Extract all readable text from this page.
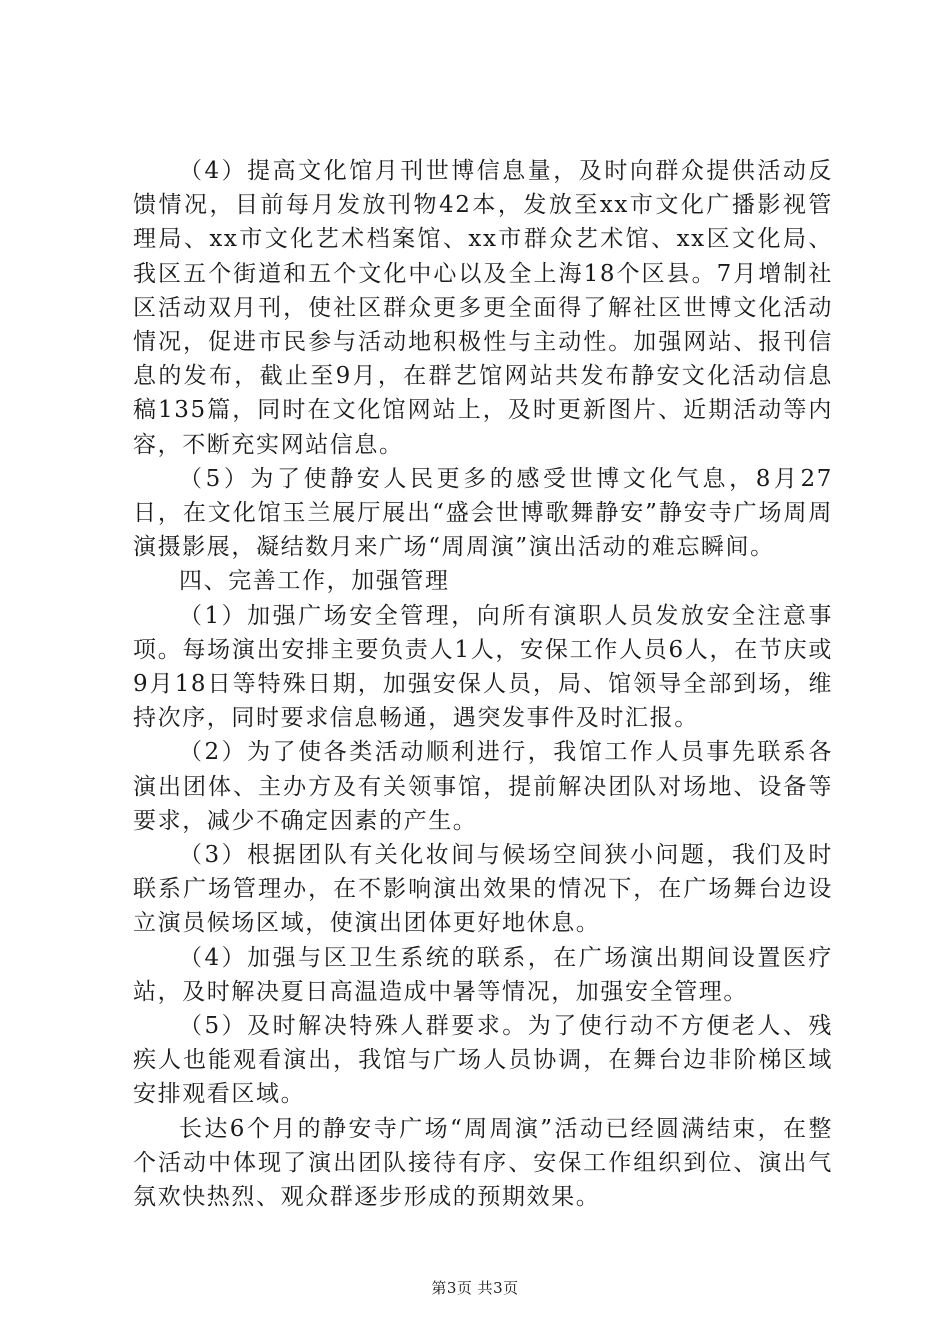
（4）提高文化馆月刊世博信息量，及时向群众提供活动反馈情况，目前每月发放刊物42本，发放至xx市文化广播影视管理局、xx市文化艺术档案馆、xx市群众艺术馆、xx区文化局、我区五个街道和五个文化中心以及全上海18个区县。7月增制社区活动双月刊，使社区群众更多更全面得了解社区世博文化活动情况，促进市民参与活动地积极性与主动性。加强网站、报刊信息的发布，截止至9月，在群艺馆网站共发布静安文化活动信息稿135篇，同时在文化馆网站上，及时更新图片、近期活动等内容，不断充实网站信息。

（5）为了使静安人民更多的感受世博文化气息，8月27日，在文化馆玉兰展厅展出“盛会世博歌舞静安”静安寺广场周周演摄影展，凝结数月来广场“周周演”演出活动的难忘瞬间。

四、完善工作，加强管理

（1）加强广场安全管理，向所有演职人员发放安全注意事项。每场演出安排主要负责人1人，安保工作人员6人，在节庆或9月18日等特殊日期，加强安保人员，局、馆领导全部到场，维持次序，同时要求信息畅通，遇突发事件及时汇报。

（2）为了使各类活动顺利进行，我馆工作人员事先联系各演出团体、主办方及有关领事馆，提前解决团队对场地、设备等要求，减少不确定因素的产生。

（3）根据团队有关化妆间与候场空间狭小问题，我们及时联系广场管理办，在不影响演出效果的情况下，在广场舞台边设立演员候场区域，使演出团体更好地休息。

（4）加强与区卫生系统的联系，在广场演出期间设置医疗站，及时解决夏日高温造成中暑等情况，加强安全管理。

（5）及时解决特殊人群要求。为了使行动不方便老人、残疾人也能观看演出，我馆与广场人员协调，在舞台边非阶梯区域安排观看区域。

长达6个月的静安寺广场“周周演”活动已经圆满结束，在整个活动中体现了演出团队接待有序、安保工作组织到位、演出气氛欢快热烈、观众群逐步形成的预期效果。

第3页 共3页
